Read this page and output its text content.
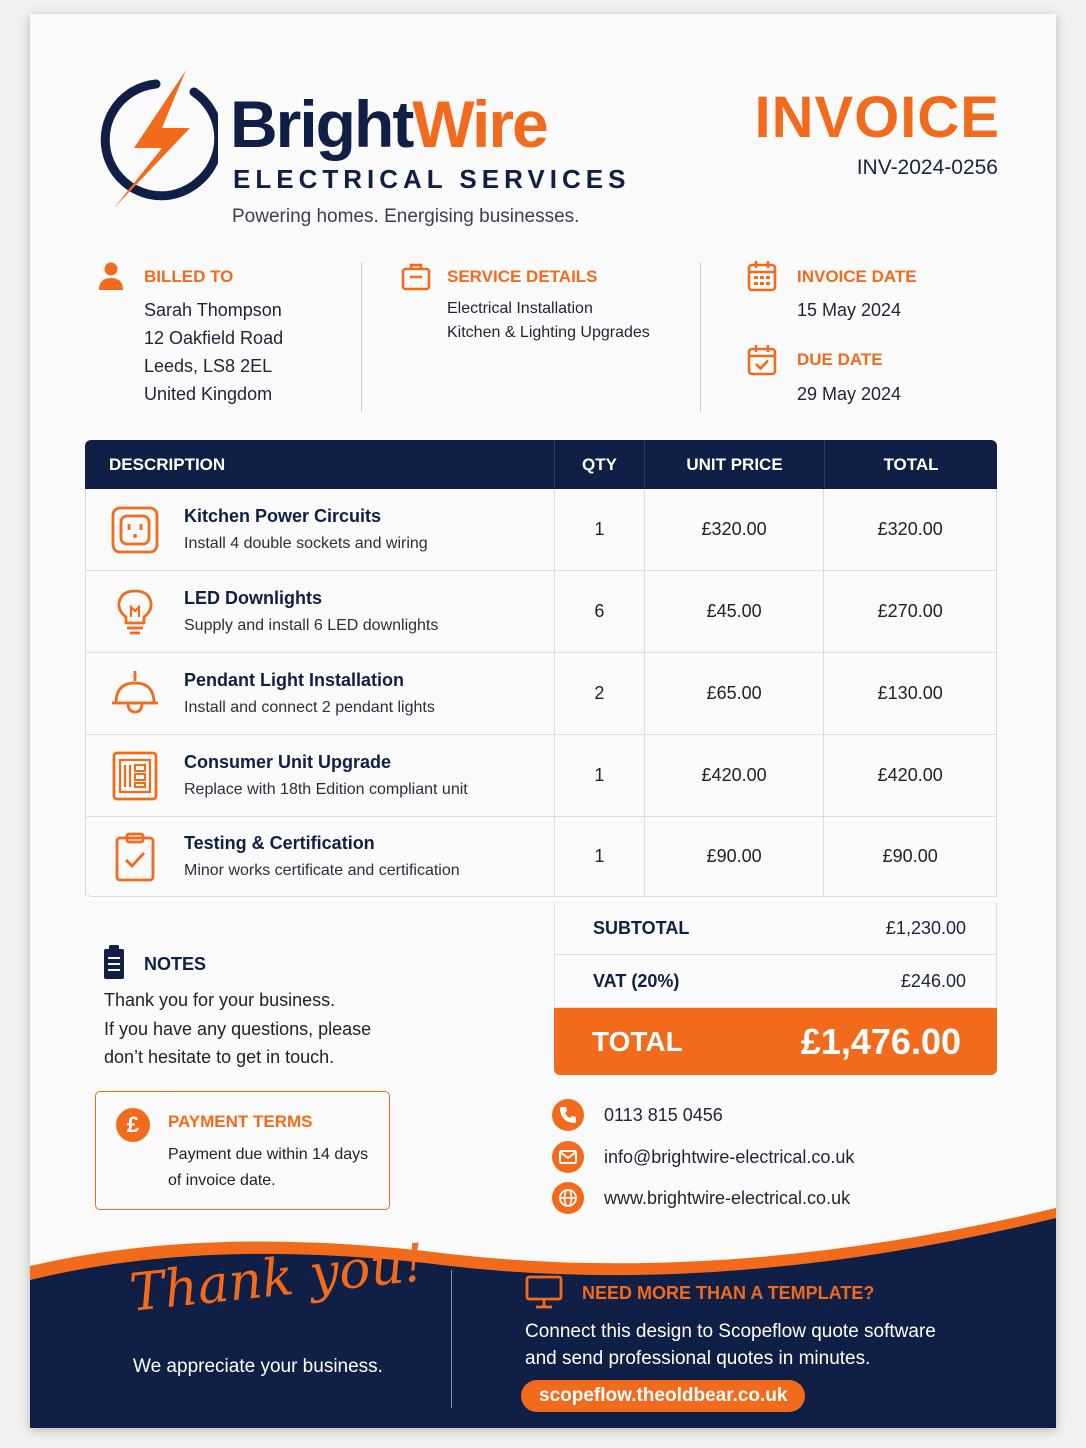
BrightWire
ELECTRICAL SERVICES
Powering homes. Energising businesses.
INVOICE
INV-2024-0256
BILLED TO
Sarah Thompson
12 Oakfield Road
Leeds, LS8 2EL
United Kingdom
SERVICE DETAILS
Electrical Installation
Kitchen & Lighting Upgrades
INVOICE DATE
15 May 2024
DUE DATE
29 May 2024
DESCRIPTION	QTY	UNIT PRICE	TOTAL
Kitchen Power Circuits
Install 4 double sockets and wiring
1	£320.00	£320.00
LED Downlights
Supply and install 6 LED downlights
6	£45.00	£270.00
Pendant Light Installation
Install and connect 2 pendant lights
2	£65.00	£130.00
Consumer Unit Upgrade
Replace with 18th Edition compliant unit
1	£420.00	£420.00
Testing & Certification
Minor works certificate and certification
1	£90.00	£90.00
SUBTOTAL	£1,230.00
VAT (20%)	£246.00
TOTAL	£1,476.00
NOTES
Thank you for your business.
If you have any questions, please
don’t hesitate to get in touch.
£	PAYMENT TERMS
Payment due within 14 days
of invoice date.
0113 815 0456
info@brightwire-electrical.co.uk
www.brightwire-electrical.co.uk
Thank you!
We appreciate your business.
NEED MORE THAN A TEMPLATE?
Connect this design to Scopeflow quote software
and send professional quotes in minutes.
scopeflow.theoldbear.co.uk
